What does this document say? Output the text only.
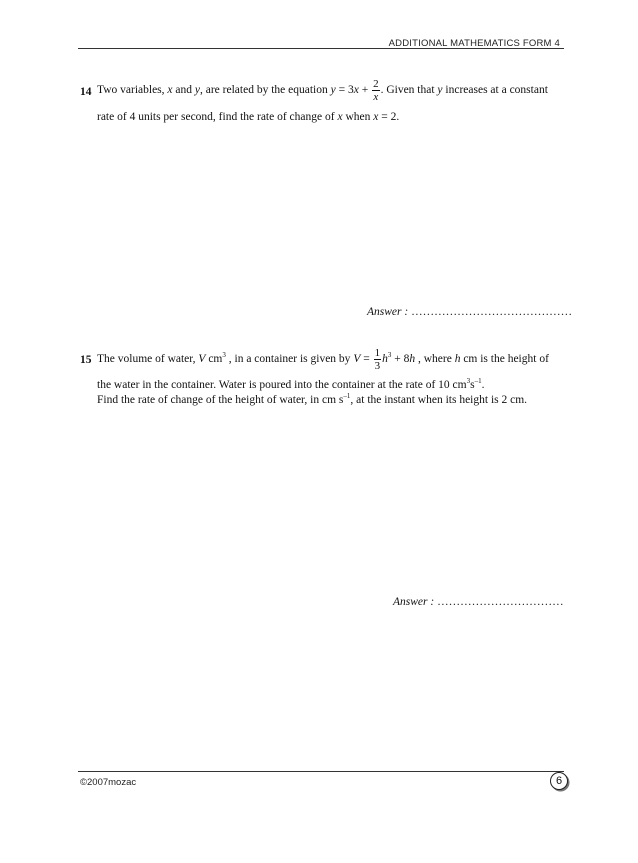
ADDITIONAL MATHEMATICS FORM 4
14 Two variables, x and y, are related by the equation $y = 3x + \frac{2}{x}$ . Given that y increases at a constant
rate of 4 units per second, find the rate of change of x when x = 2.
Answer : ……………………………………
15 The volume of water, V $cm^3$ , in a container is given by $V = \frac{1}{3} h^3 + 8h$ , where h cm is the height of
the water in the container. Water is poured into the container at the rate of 10 $cm^3s^{-1}$.
Find the rate of change of the height of water, in cm $s^{-1}$, at the instant when its height is 2 cm.
Answer : ……………………………
©2007mozac	6
